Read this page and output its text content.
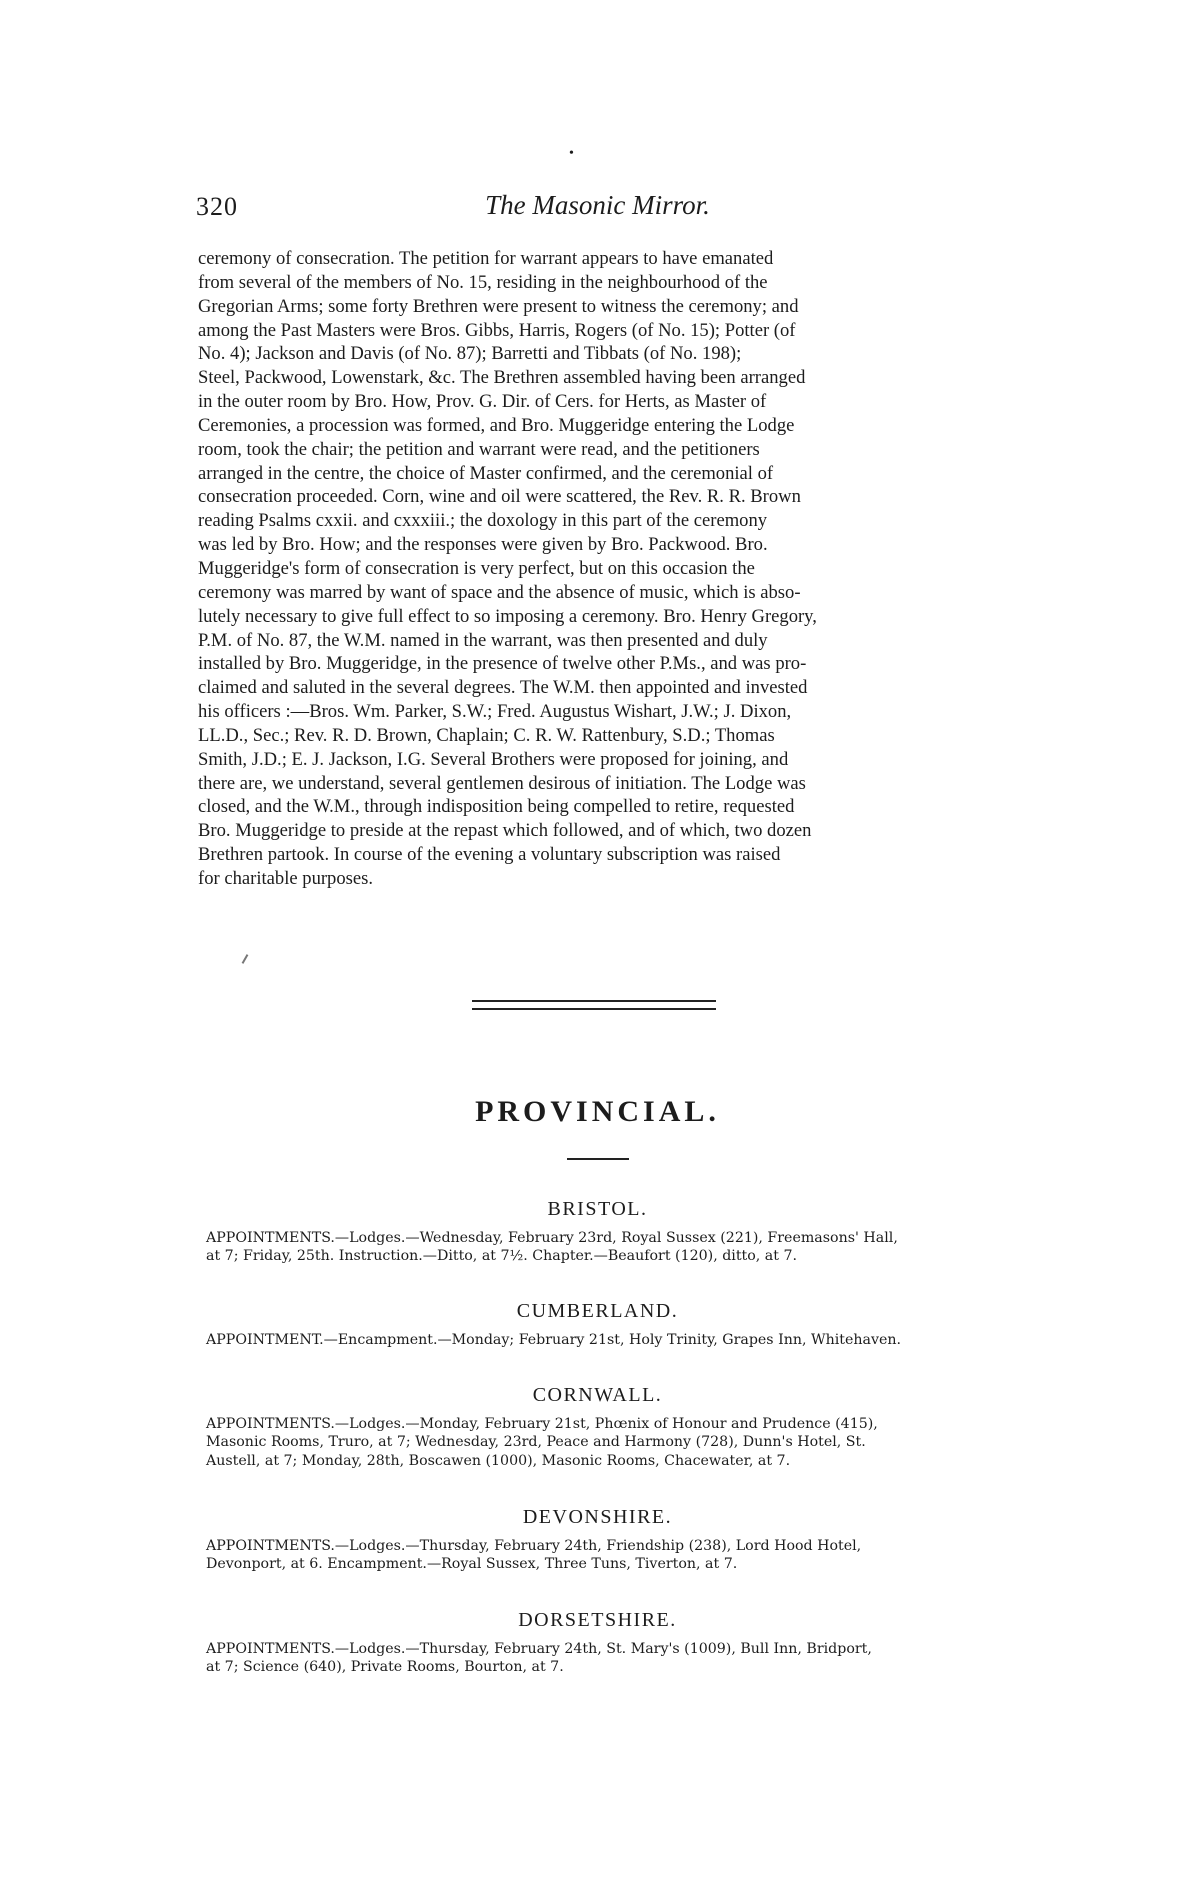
•
320	The Masonic Mirror.

ceremony of consecration. The petition for warrant appears to have emanated
from several of the members of No. 15, residing in the neighbourhood of the
Gregorian Arms; some forty Brethren were present to witness the ceremony; and
among the Past Masters were Bros. Gibbs, Harris, Rogers (of No. 15); Potter (of
No. 4); Jackson and Davis (of No. 87); Barretti and Tibbats (of No. 198);
Steel, Packwood, Lowenstark, &c. The Brethren assembled having been arranged
in the outer room by Bro. How, Prov. G. Dir. of Cers. for Herts, as Master of
Ceremonies, a procession was formed, and Bro. Muggeridge entering the Lodge
room, took the chair; the petition and warrant were read, and the petitioners
arranged in the centre, the choice of Master confirmed, and the ceremonial of
consecration proceeded. Corn, wine and oil were scattered, the Rev. R. R. Brown
reading Psalms cxxii. and cxxxiii.; the doxology in this part of the ceremony
was led by Bro. How; and the responses were given by Bro. Packwood. Bro.
Muggeridge's form of consecration is very perfect, but on this occasion the
ceremony was marred by want of space and the absence of music, which is abso-
lutely necessary to give full effect to so imposing a ceremony. Bro. Henry Gregory,
P.M. of No. 87, the W.M. named in the warrant, was then presented and duly
installed by Bro. Muggeridge, in the presence of twelve other P.Ms., and was pro-
claimed and saluted in the several degrees. The W.M. then appointed and invested
his officers :—Bros. Wm. Parker, S.W.; Fred. Augustus Wishart, J.W.; J. Dixon,
LL.D., Sec.; Rev. R. D. Brown, Chaplain; C. R. W. Rattenbury, S.D.; Thomas
Smith, J.D.; E. J. Jackson, I.G. Several Brothers were proposed for joining, and
there are, we understand, several gentlemen desirous of initiation. The Lodge was
closed, and the W.M., through indisposition being compelled to retire, requested
Bro. Muggeridge to preside at the repast which followed, and of which, two dozen
Brethren partook. In course of the evening a voluntary subscription was raised
for charitable purposes.

PROVINCIAL.
BRISTOL.

APPOINTMENTS.—Lodges.—Wednesday, February 23rd, Royal Sussex (221), Freemasons' Hall,
at 7; Friday, 25th. Instruction.—Ditto, at 7½. Chapter.—Beaufort (120), ditto, at 7.

CUMBERLAND.

APPOINTMENT.—Encampment.—Monday; February 21st, Holy Trinity, Grapes Inn, Whitehaven.

CORNWALL.

APPOINTMENTS.—Lodges.—Monday, February 21st, Phœnix of Honour and Prudence (415),
Masonic Rooms, Truro, at 7; Wednesday, 23rd, Peace and Harmony (728), Dunn's Hotel, St.
Austell, at 7; Monday, 28th, Boscawen (1000), Masonic Rooms, Chacewater, at 7.

DEVONSHIRE.

APPOINTMENTS.—Lodges.—Thursday, February 24th, Friendship (238), Lord Hood Hotel,
Devonport, at 6. Encampment.—Royal Sussex, Three Tuns, Tiverton, at 7.

DORSETSHIRE.

APPOINTMENTS.—Lodges.—Thursday, February 24th, St. Mary's (1009), Bull Inn, Bridport,
at 7; Science (640), Private Rooms, Bourton, at 7.
